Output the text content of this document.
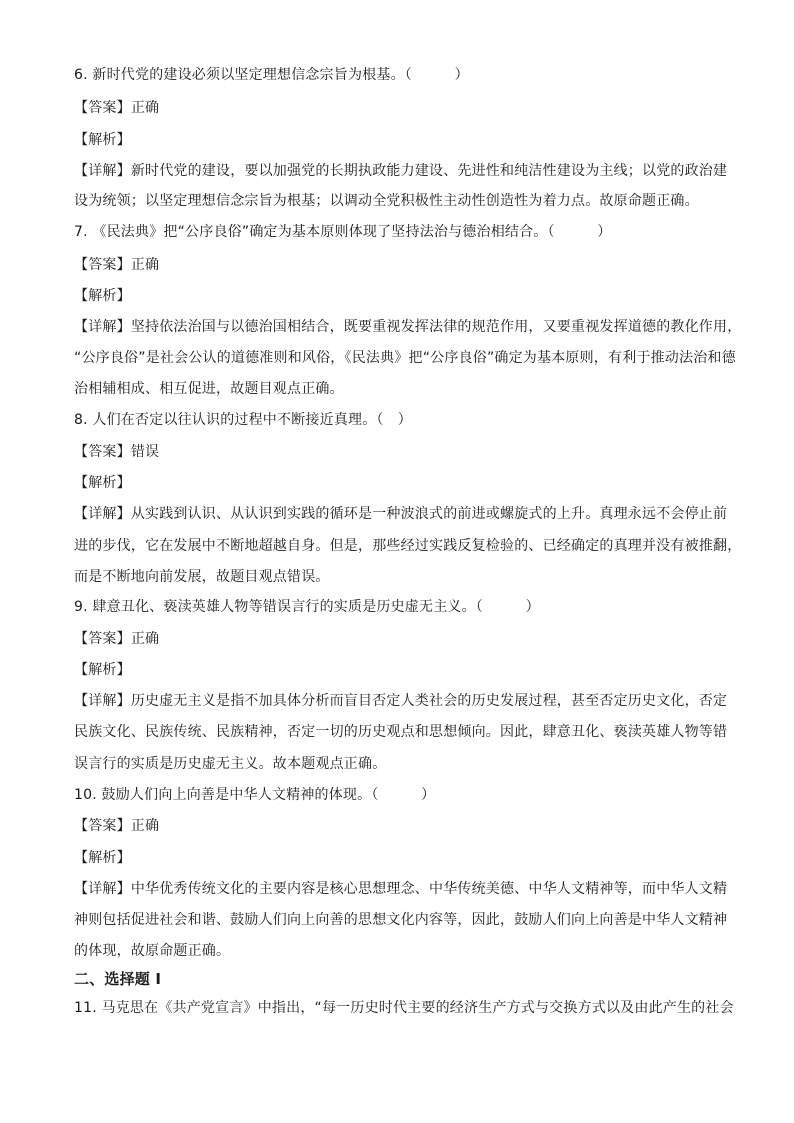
6. 新时代党的建设必须以坚定理想信念宗旨为根基。（　　　）
【答案】正确
【解析】
【详解】新时代党的建设，要以加强党的长期执政能力建设、先进性和纯洁性建设为主线；以党的政治建
设为统领；以坚定理想信念宗旨为根基；以调动全党积极性主动性创造性为着力点。故原命题正确。
7. 《民法典》把“公序良俗”确定为基本原则体现了坚持法治与德治相结合。（　　　）
【答案】正确
【解析】
【详解】坚持依法治国与以德治国相结合，既要重视发挥法律的规范作用，又要重视发挥道德的教化作用，
“公序良俗”是社会公认的道德准则和风俗，《民法典》把“公序良俗”确定为基本原则，有利于推动法治和德
治相辅相成、相互促进，故题目观点正确。
8. 人们在否定以往认识的过程中不断接近真理。（　）
【答案】错误
【解析】
【详解】从实践到认识、从认识到实践的循环是一种波浪式的前进或螺旋式的上升。真理永远不会停止前
进的步伐，它在发展中不断地超越自身。但是，那些经过实践反复检验的、已经确定的真理并没有被推翻，
而是不断地向前发展，故题目观点错误。
9. 肆意丑化、亵渎英雄人物等错误言行的实质是历史虚无主义。（　　　）
【答案】正确
【解析】
【详解】历史虚无主义是指不加具体分析而盲目否定人类社会的历史发展过程，甚至否定历史文化，否定
民族文化、民族传统、民族精神，否定一切的历史观点和思想倾向。因此，肆意丑化、亵渎英雄人物等错
误言行的实质是历史虚无主义。故本题观点正确。
10. 鼓励人们向上向善是中华人文精神的体现。（　　　）
【答案】正确
【解析】
【详解】中华优秀传统文化的主要内容是核心思想理念、中华传统美德、中华人文精神等，而中华人文精
神则包括促进社会和谐、鼓励人们向上向善的思想文化内容等，因此，鼓励人们向上向善是中华人文精神
的体现，故原命题正确。
二、选择题 I
11. 马克思在《共产党宣言》中指出，“每一历史时代主要的经济生产方式与交换方式以及由此产生的社会
